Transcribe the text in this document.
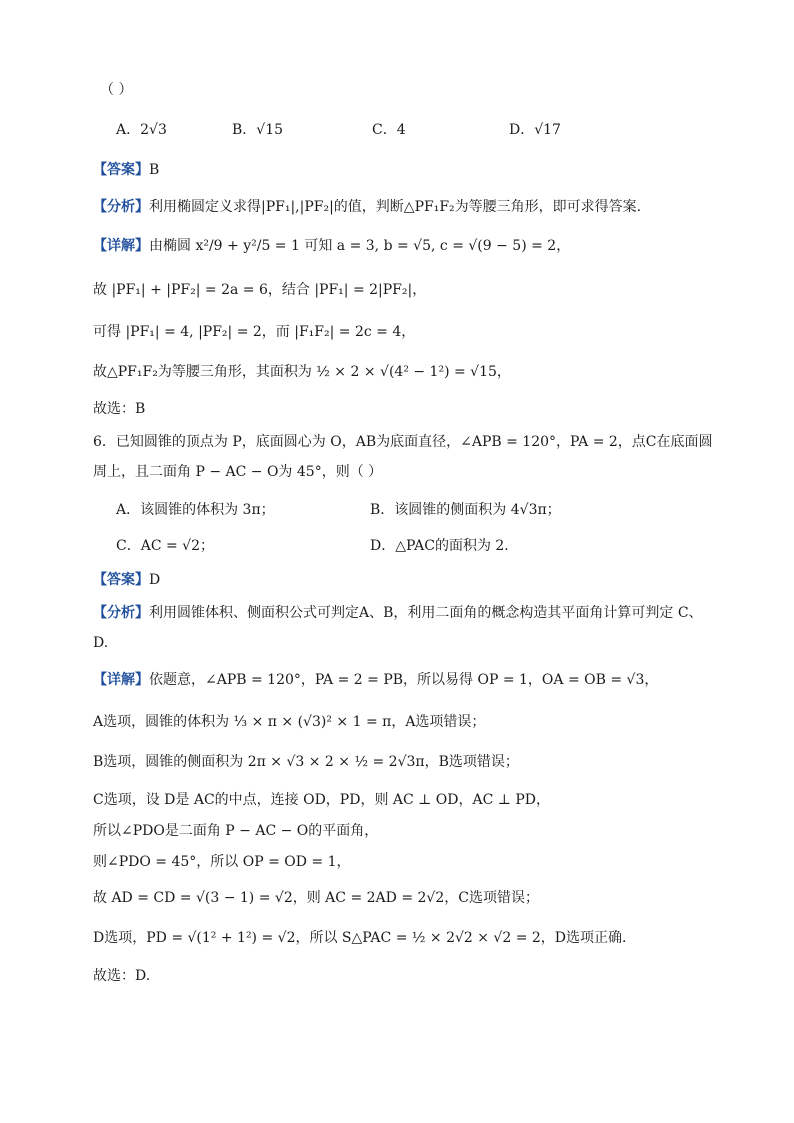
（ ）
A．2√3	B．√15	C．4	D．√17
【答案】B
【分析】利用椭圆定义求得|PF₁|,|PF₂|的值，判断△PF₁F₂为等腰三角形，即可求得答案.
【详解】由椭圆 x²/9 + y²/5 = 1 可知 a = 3, b = √5, c = √(9 − 5) = 2，
故 |PF₁| + |PF₂| = 2a = 6，结合 |PF₁| = 2|PF₂|，
可得 |PF₁| = 4, |PF₂| = 2，而 |F₁F₂| = 2c = 4，
故△PF₁F₂为等腰三角形，其面积为 ½ × 2 × √(4² − 1²) = √15，
故选：B
6．已知圆锥的顶点为 P，底面圆心为 O，AB为底面直径，∠APB = 120°，PA = 2，点C在底面圆
周上，且二面角 P − AC − O为 45°，则（ ）
A．该圆锥的体积为 3π；	B．该圆锥的侧面积为 4√3π；
C．AC = √2；	D．△PAC的面积为 2.
【答案】D
【分析】利用圆锥体积、侧面积公式可判定A、B，利用二面角的概念构造其平面角计算可判定 C、
D.
【详解】依题意，∠APB = 120°，PA = 2 = PB，所以易得 OP = 1，OA = OB = √3，
A选项，圆锥的体积为 ⅓ × π × (√3)² × 1 = π，A选项错误；
B选项，圆锥的侧面积为 2π × √3 × 2 × ½ = 2√3π，B选项错误；
C选项，设 D是 AC的中点，连接 OD，PD，则 AC ⊥ OD，AC ⊥ PD，
所以∠PDO是二面角 P − AC − O的平面角，
则∠PDO = 45°，所以 OP = OD = 1，
故 AD = CD = √(3 − 1) = √2，则 AC = 2AD = 2√2，C选项错误；
D选项，PD = √(1² + 1²) = √2，所以 S△PAC = ½ × 2√2 × √2 = 2，D选项正确.
故选：D.
